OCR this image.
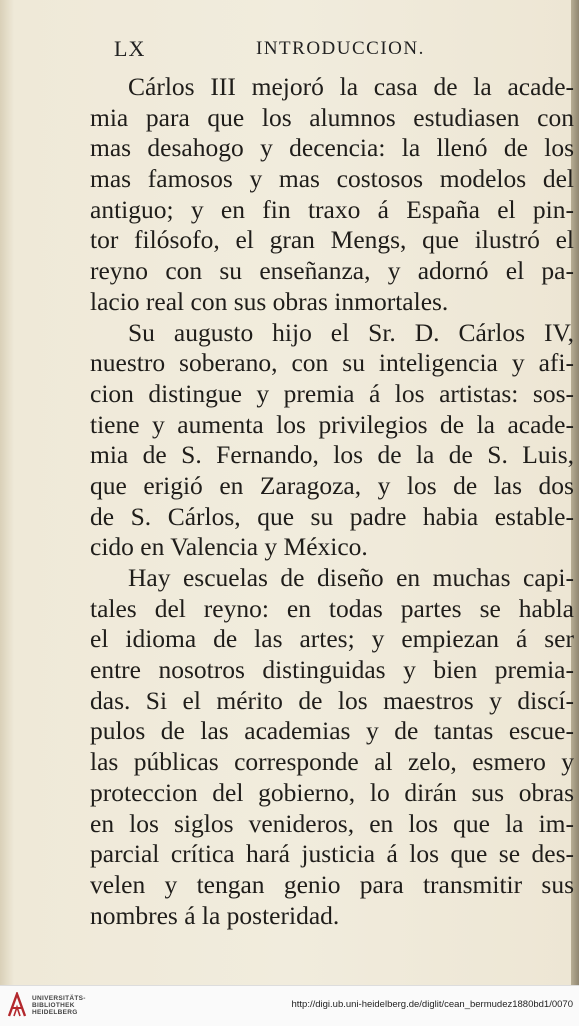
LX	INTRODUCCION.
Cárlos III mejoró la casa de la acade-
mia para que los alumnos estudiasen con
mas desahogo y decencia: la llenó de los
mas famosos y mas costosos modelos del
antiguo; y en fin traxo á España el pin-
tor filósofo, el gran Mengs, que ilustró el
reyno con su enseñanza, y adornó el pa-
lacio real con sus obras inmortales.
Su augusto hijo el Sr. D. Cárlos IV,
nuestro soberano, con su inteligencia y afi-
cion distingue y premia á los artistas: sos-
tiene y aumenta los privilegios de la acade-
mia de S. Fernando, los de la de S. Luis,
que erigió en Zaragoza, y los de las dos
de S. Cárlos, que su padre habia estable-
cido en Valencia y México.
Hay escuelas de diseño en muchas capi-
tales del reyno: en todas partes se habla
el idioma de las artes; y empiezan á ser
entre nosotros distinguidas y bien premia-
das. Si el mérito de los maestros y discí-
pulos de las academias y de tantas escue-
las públicas corresponde al zelo, esmero y
proteccion del gobierno, lo dirán sus obras
en los siglos venideros, en los que la im-
parcial crítica hará justicia á los que se des-
velen y tengan genio para transmitir sus
nombres á la posteridad.
UNIVERSITÄTS-
BIBLIOTHEK
HEIDELBERG
http://digi.ub.uni-heidelberg.de/diglit/cean_bermudez1880bd1/0070
